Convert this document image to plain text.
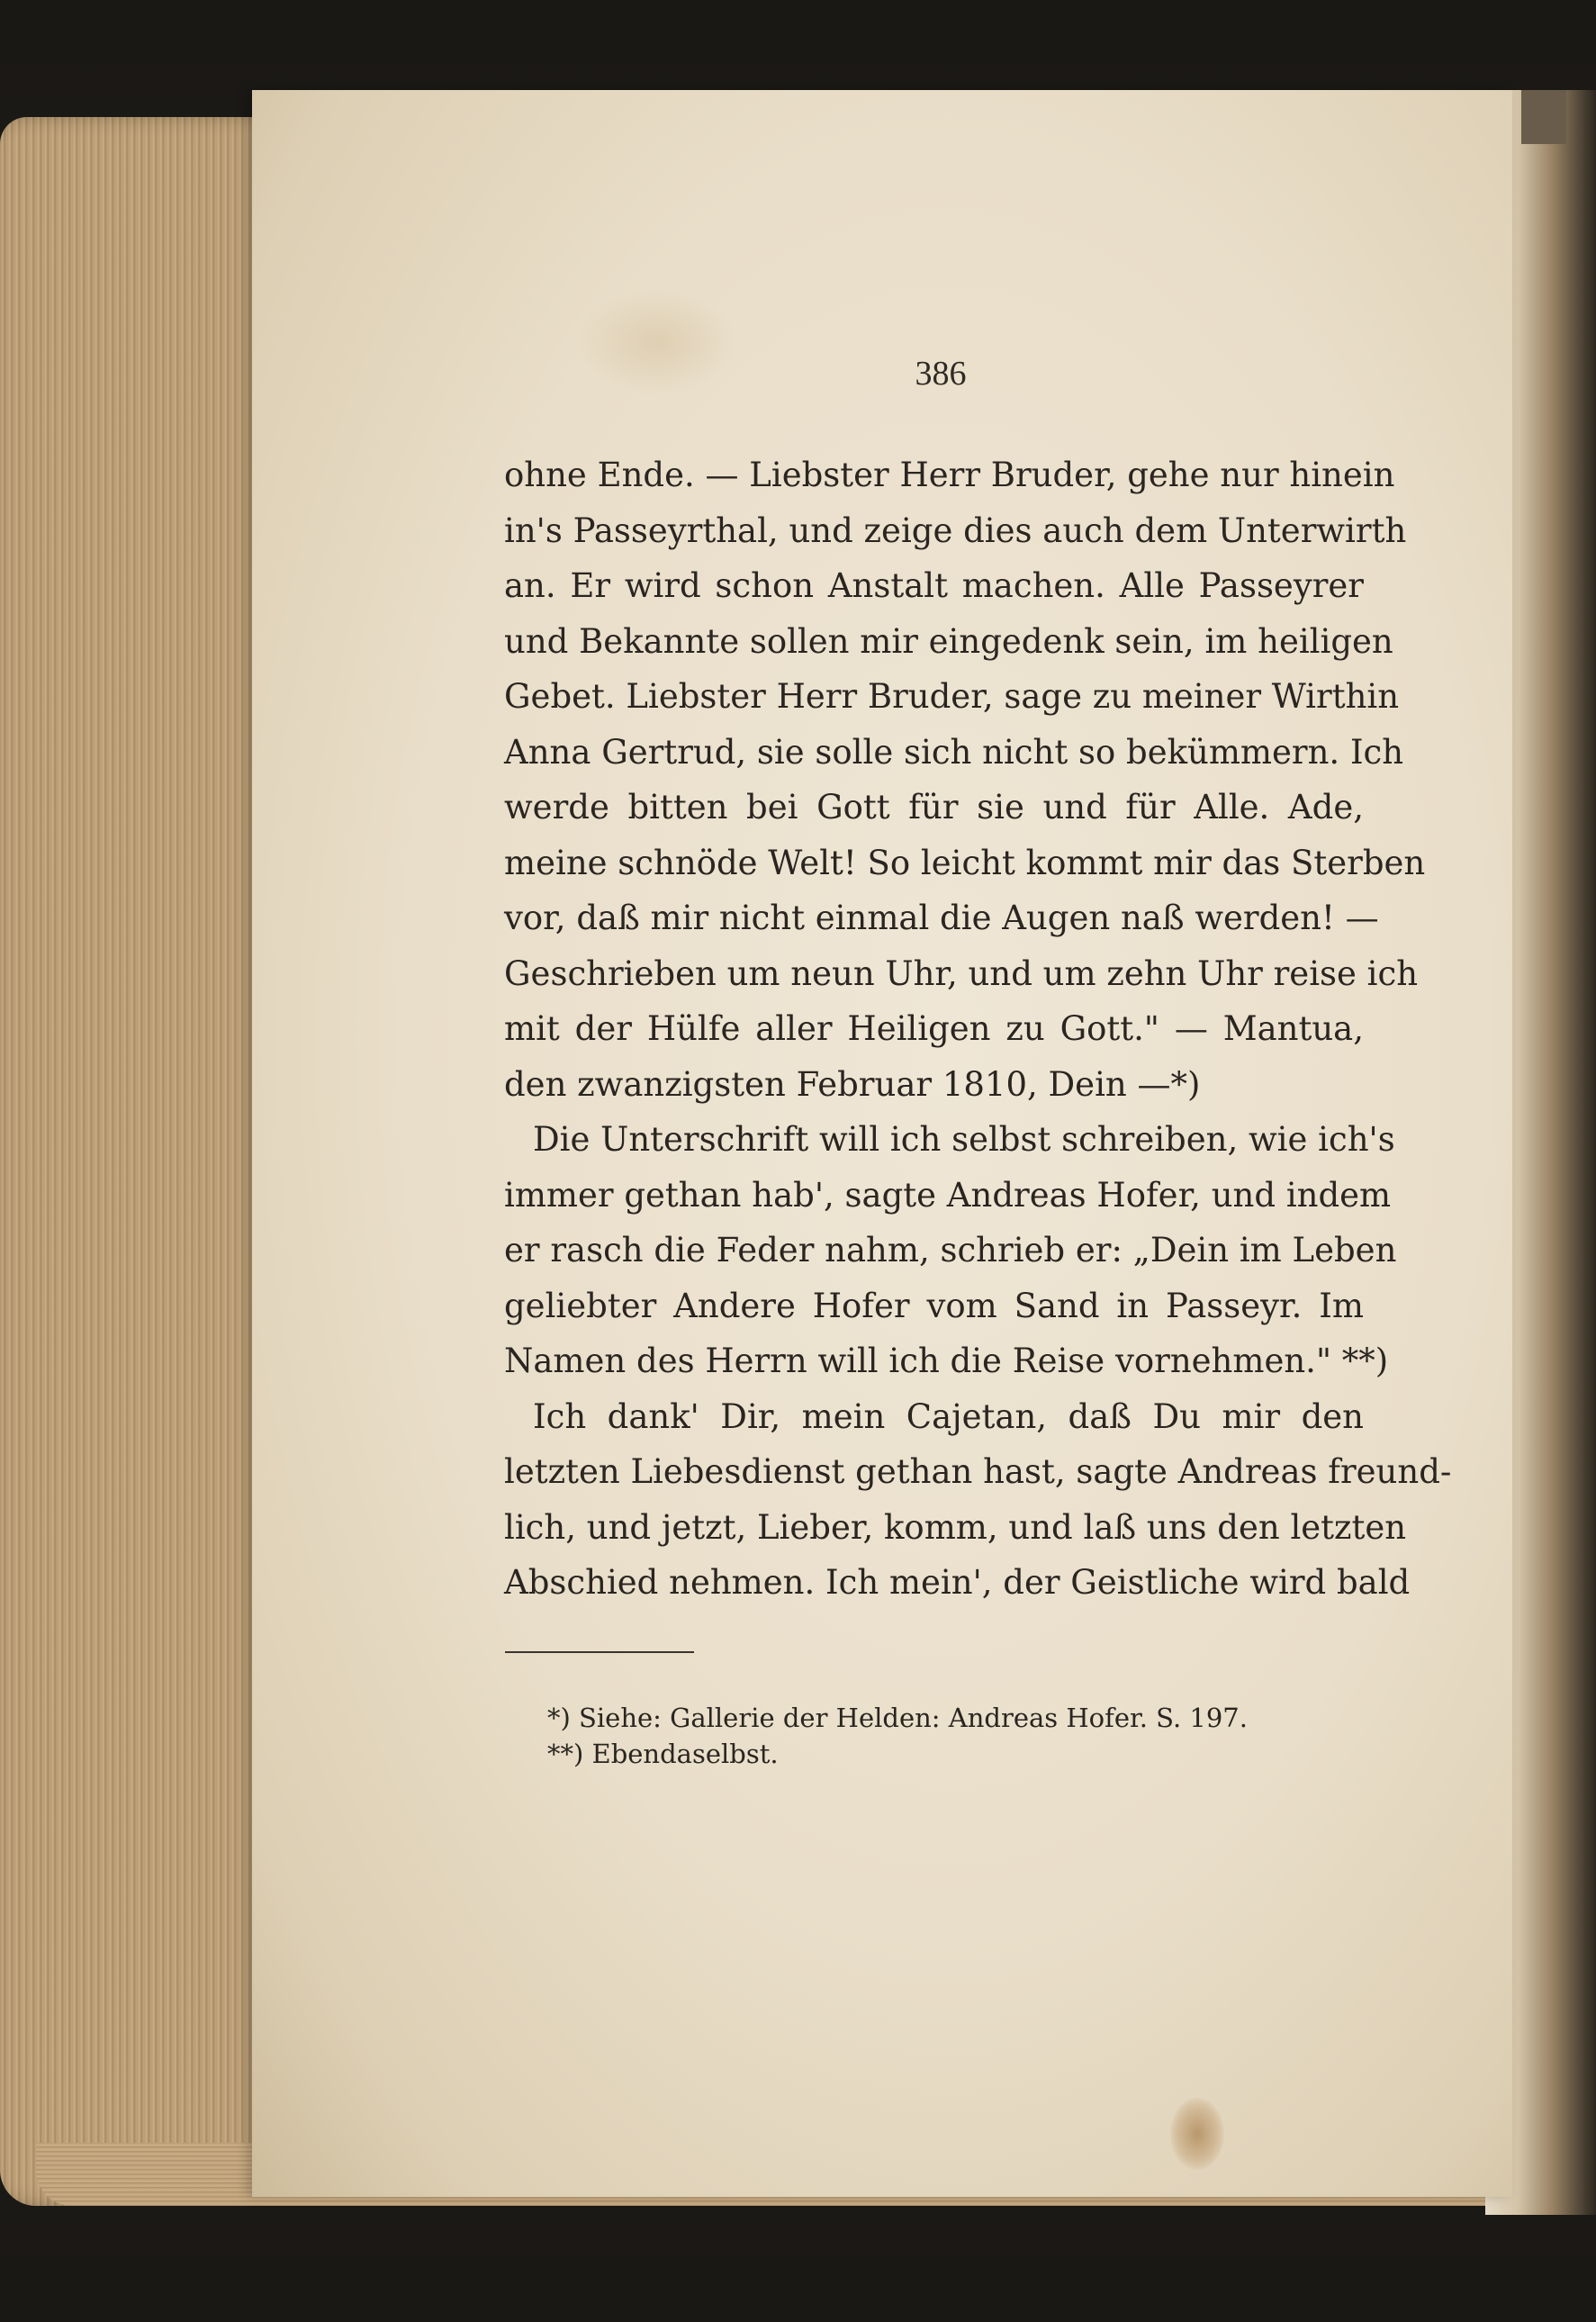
386
ohne Ende. — Liebster Herr Bruder, gehe nur hinein
in's Passeyrthal, und zeige dies auch dem Unterwirth
an. Er wird schon Anstalt machen. Alle Passeyrer
und Bekannte sollen mir eingedenk sein, im heiligen
Gebet. Liebster Herr Bruder, sage zu meiner Wirthin
Anna Gertrud, sie solle sich nicht so bekümmern. Ich
werde bitten bei Gott für sie und für Alle. Ade,
meine schnöde Welt! So leicht kommt mir das Sterben
vor, daß mir nicht einmal die Augen naß werden! —
Geschrieben um neun Uhr, und um zehn Uhr reise ich
mit der Hülfe aller Heiligen zu Gott." — Mantua,
den zwanzigsten Februar 1810, Dein —*)
Die Unterschrift will ich selbst schreiben, wie ich's
immer gethan hab', sagte Andreas Hofer, und indem
er rasch die Feder nahm, schrieb er: „Dein im Leben
geliebter Andere Hofer vom Sand in Passeyr. Im
Namen des Herrn will ich die Reise vornehmen." **)
Ich dank' Dir, mein Cajetan, daß Du mir den
letzten Liebesdienst gethan hast, sagte Andreas freund-
lich, und jetzt, Lieber, komm, und laß uns den letzten
Abschied nehmen. Ich mein', der Geistliche wird bald
*) Siehe: Gallerie der Helden: Andreas Hofer. S. 197.
**) Ebendaselbst.
